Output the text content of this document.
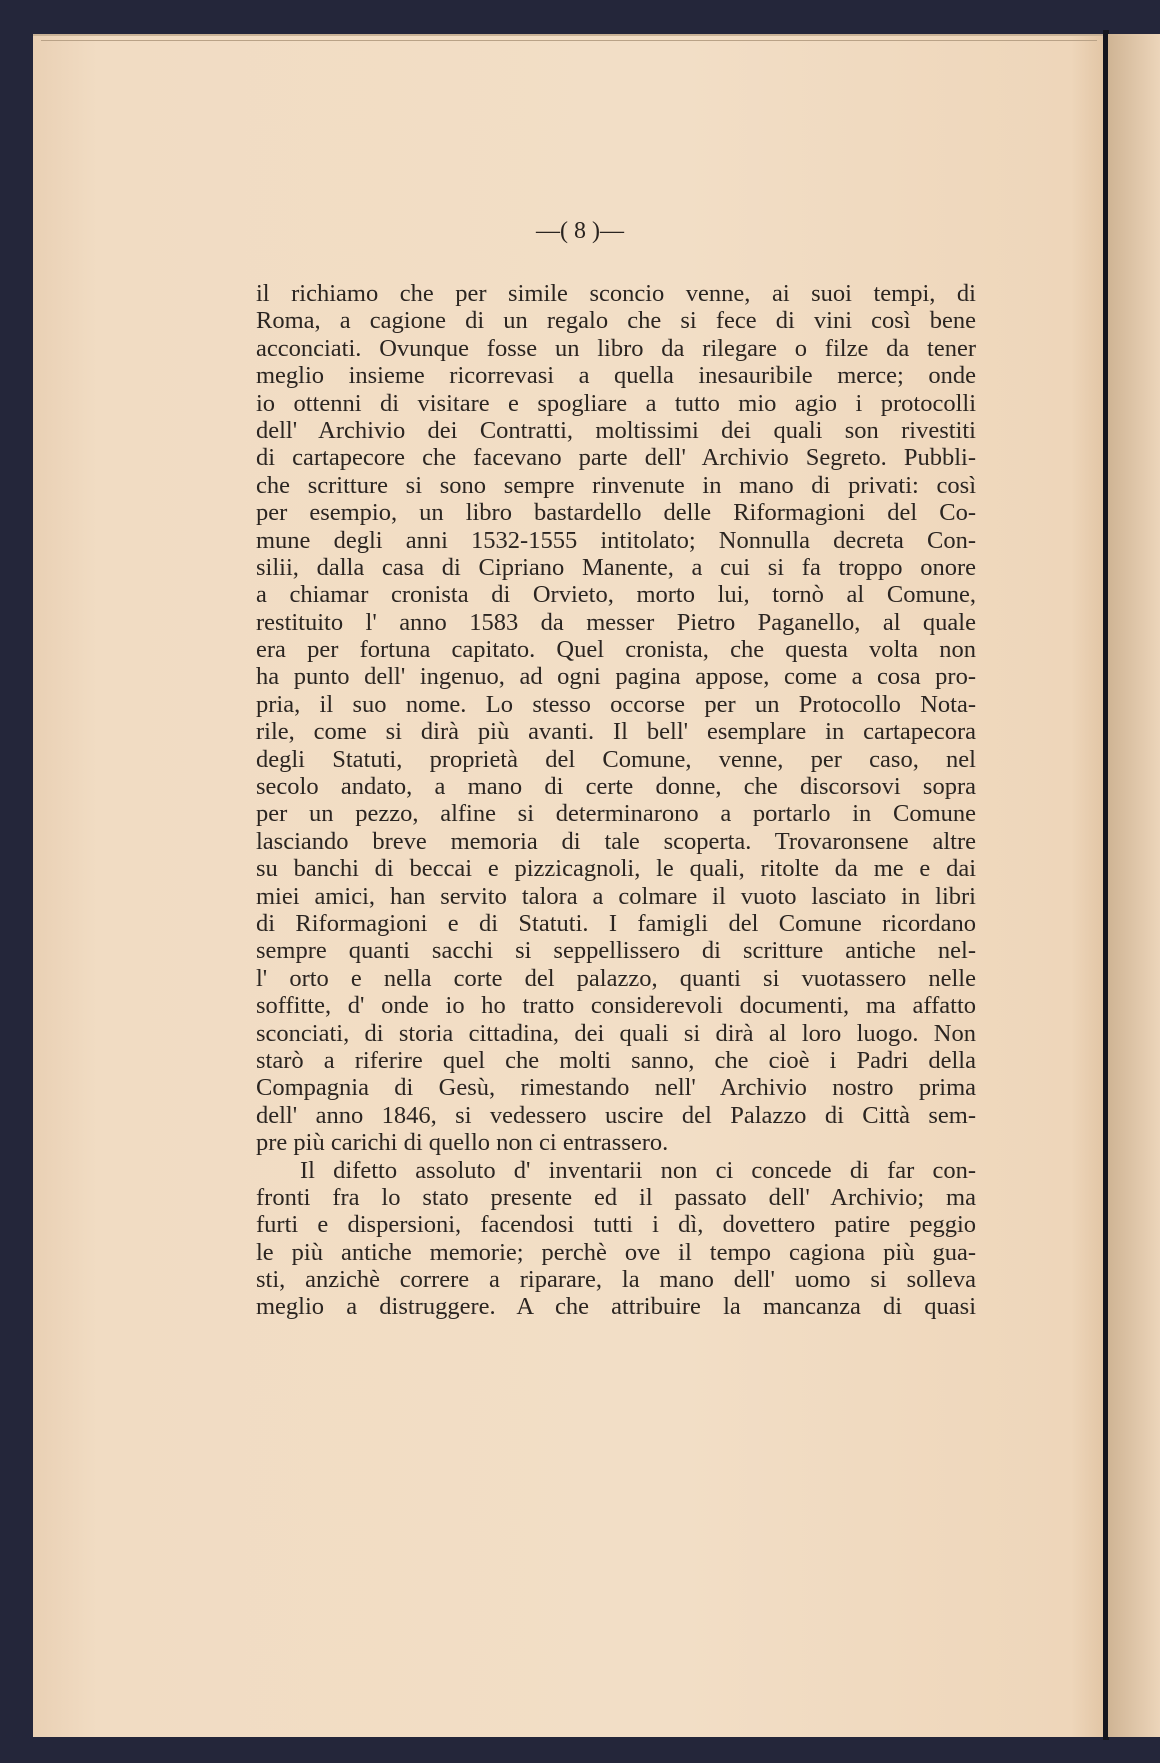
—( 8 )—
il richiamo che per simile sconcio venne, ai suoi tempi, di
Roma, a cagione di un regalo che si fece di vini così bene
acconciati. Ovunque fosse un libro da rilegare o filze da tener
meglio insieme ricorrevasi a quella inesauribile merce; onde
io ottenni di visitare e spogliare a tutto mio agio i protocolli
dell' Archivio dei Contratti, moltissimi dei quali son rivestiti
di cartapecore che facevano parte dell' Archivio Segreto. Pubbli-
che scritture si sono sempre rinvenute in mano di privati: così
per esempio, un libro bastardello delle Riformagioni del Co-
mune degli anni 1532-1555 intitolato; Nonnulla decreta Con-
silii, dalla casa di Cipriano Manente, a cui si fa troppo onore
a chiamar cronista di Orvieto, morto lui, tornò al Comune,
restituito l' anno 1583 da messer Pietro Paganello, al quale
era per fortuna capitato. Quel cronista, che questa volta non
ha punto dell' ingenuo, ad ogni pagina appose, come a cosa pro-
pria, il suo nome. Lo stesso occorse per un Protocollo Nota-
rile, come si dirà più avanti. Il bell' esemplare in cartapecora
degli Statuti, proprietà del Comune, venne, per caso, nel
secolo andato, a mano di certe donne, che discorsovi sopra
per un pezzo, alfine si determinarono a portarlo in Comune
lasciando breve memoria di tale scoperta. Trovaronsene altre
su banchi di beccai e pizzicagnoli, le quali, ritolte da me e dai
miei amici, han servito talora a colmare il vuoto lasciato in libri
di Riformagioni e di Statuti. I famigli del Comune ricordano
sempre quanti sacchi si seppellissero di scritture antiche nel-
l' orto e nella corte del palazzo, quanti si vuotassero nelle
soffitte, d' onde io ho tratto considerevoli documenti, ma affatto
sconciati, di storia cittadina, dei quali si dirà al loro luogo. Non
starò a riferire quel che molti sanno, che cioè i Padri della
Compagnia di Gesù, rimestando nell' Archivio nostro prima
dell' anno 1846, si vedessero uscire del Palazzo di Città sem-
pre più carichi di quello non ci entrassero.
Il difetto assoluto d' inventarii non ci concede di far con-
fronti fra lo stato presente ed il passato dell' Archivio; ma
furti e dispersioni, facendosi tutti i dì, dovettero patire peggio
le più antiche memorie; perchè ove il tempo cagiona più gua-
sti, anzichè correre a riparare, la mano dell' uomo si solleva
meglio a distruggere. A che attribuire la mancanza di quasi
